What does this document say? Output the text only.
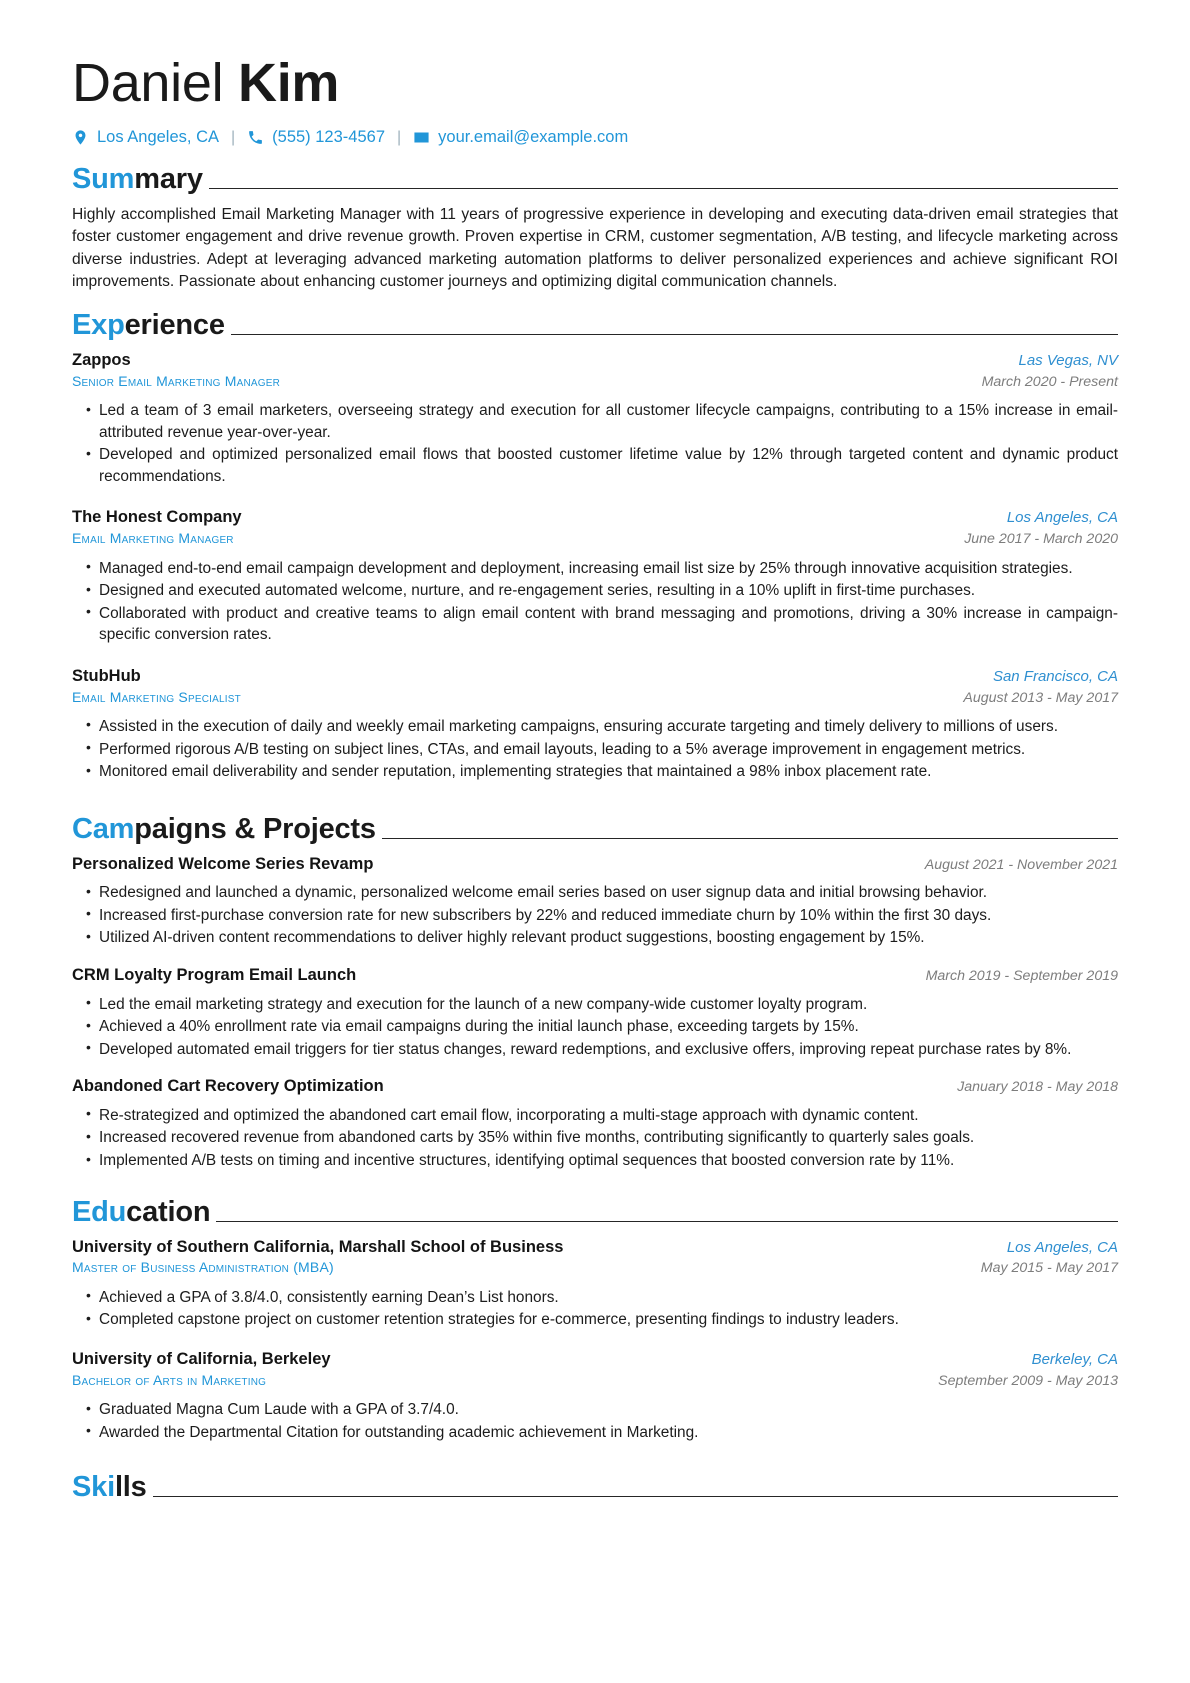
Daniel Kim
Los Angeles, CA | (555) 123-4567 | your.email@example.com
Summary

Highly accomplished Email Marketing Manager with 11 years of progressive experience in developing and executing data-driven email strategies that foster customer engagement and drive revenue growth. Proven expertise in CRM, customer segmentation, A/B testing, and lifecycle marketing across diverse industries. Adept at leveraging advanced marketing automation platforms to deliver personalized experiences and achieve significant ROI improvements. Passionate about enhancing customer journeys and optimizing digital communication channels.

Experience
Zappos	Las Vegas, NV
Senior Email Marketing Manager	March 2020 - Present
• Led a team of 3 email marketers, overseeing strategy and execution for all customer lifecycle campaigns, contributing to a 15% increase in email-attributed revenue year-over-year.
• Developed and optimized personalized email flows that boosted customer lifetime value by 12% through targeted content and dynamic product recommendations.
The Honest Company	Los Angeles, CA
Email Marketing Manager	June 2017 - March 2020
• Managed end-to-end email campaign development and deployment, increasing email list size by 25% through innovative acquisition strategies.
• Designed and executed automated welcome, nurture, and re-engagement series, resulting in a 10% uplift in first-time purchases.
• Collaborated with product and creative teams to align email content with brand messaging and promotions, driving a 30% increase in campaign-specific conversion rates.
StubHub	San Francisco, CA
Email Marketing Specialist	August 2013 - May 2017
• Assisted in the execution of daily and weekly email marketing campaigns, ensuring accurate targeting and timely delivery to millions of users.
• Performed rigorous A/B testing on subject lines, CTAs, and email layouts, leading to a 5% average improvement in engagement metrics.
• Monitored email deliverability and sender reputation, implementing strategies that maintained a 98% inbox placement rate.
Campaigns & Projects
Personalized Welcome Series Revamp	August 2021 - November 2021
• Redesigned and launched a dynamic, personalized welcome email series based on user signup data and initial browsing behavior.
• Increased first-purchase conversion rate for new subscribers by 22% and reduced immediate churn by 10% within the first 30 days.
• Utilized AI-driven content recommendations to deliver highly relevant product suggestions, boosting engagement by 15%.
CRM Loyalty Program Email Launch	March 2019 - September 2019
• Led the email marketing strategy and execution for the launch of a new company-wide customer loyalty program.
• Achieved a 40% enrollment rate via email campaigns during the initial launch phase, exceeding targets by 15%.
• Developed automated email triggers for tier status changes, reward redemptions, and exclusive offers, improving repeat purchase rates by 8%.
Abandoned Cart Recovery Optimization	January 2018 - May 2018
• Re-strategized and optimized the abandoned cart email flow, incorporating a multi-stage approach with dynamic content.
• Increased recovered revenue from abandoned carts by 35% within five months, contributing significantly to quarterly sales goals.
• Implemented A/B tests on timing and incentive structures, identifying optimal sequences that boosted conversion rate by 11%.
Education
University of Southern California, Marshall School of Business	Los Angeles, CA
Master of Business Administration (MBA)	May 2015 - May 2017
• Achieved a GPA of 3.8/4.0, consistently earning Dean’s List honors.
• Completed capstone project on customer retention strategies for e-commerce, presenting findings to industry leaders.
University of California, Berkeley	Berkeley, CA
Bachelor of Arts in Marketing	September 2009 - May 2013
• Graduated Magna Cum Laude with a GPA of 3.7/4.0.
• Awarded the Departmental Citation for outstanding academic achievement in Marketing.
Skills
